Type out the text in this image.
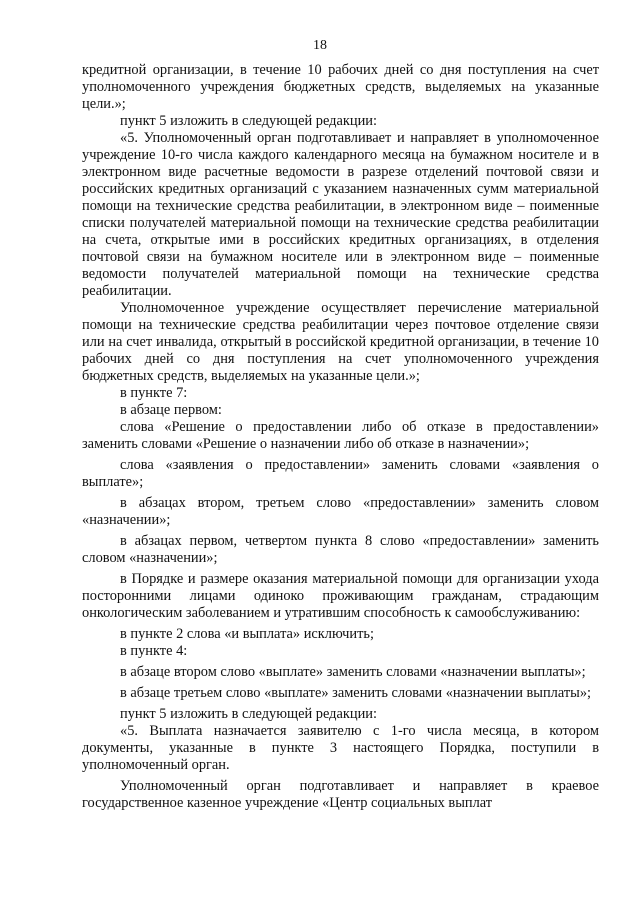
18

кредитной организации, в течение 10 рабочих дней со дня поступления на счет уполномоченного учреждения бюджетных средств, выделяемых на указанные цели.»;

пункт 5 изложить в следующей редакции:

«5. Уполномоченный орган подготавливает и направляет в уполномоченное учреждение 10-го числа каждого календарного месяца на бумажном носителе и в электронном виде расчетные ведомости в разрезе отделений почтовой связи и российских кредитных организаций с указанием назначенных сумм материальной помощи на технические средства реабилитации, в электронном виде – поименные списки получателей материальной помощи на технические средства реабилитации на счета, открытые ими в российских кредитных организациях, в отделения почтовой связи на бумажном носителе или в электронном виде – поименные ведомости получателей материальной помощи на технические средства реабилитации.

Уполномоченное учреждение осуществляет перечисление материальной помощи на технические средства реабилитации через почтовое отделение связи или на счет инвалида, открытый в российской кредитной организации, в течение 10 рабочих дней со дня поступления на счет уполномоченного учреждения бюджетных средств, выделяемых на указанные цели.»;

в пункте 7:

в абзаце первом:

слова «Решение о предоставлении либо об отказе в предоставлении» заменить словами «Решение о назначении либо об отказе в назначении»;

слова «заявления о предоставлении» заменить словами «заявления о выплате»;

в абзацах втором, третьем слово «предоставлении» заменить словом «назначении»;

в абзацах первом, четвертом пункта 8 слово «предоставлении» заменить словом «назначении»;

в Порядке и размере оказания материальной помощи для организации ухода посторонними лицами одиноко проживающим гражданам, страдающим онкологическим заболеванием и утратившим способность к самообслуживанию:

в пункте 2 слова «и выплата» исключить;

в пункте 4:

в абзаце втором слово «выплате» заменить словами «назначении выплаты»;

в абзаце третьем слово «выплате» заменить словами «назначении выплаты»;

пункт 5 изложить в следующей редакции:

«5. Выплата назначается заявителю с 1-го числа месяца, в котором документы, указанные в пункте 3 настоящего Порядка, поступили в уполномоченный орган.

Уполномоченный орган подготавливает и направляет в краевое государственное казенное учреждение «Центр социальных выплат
